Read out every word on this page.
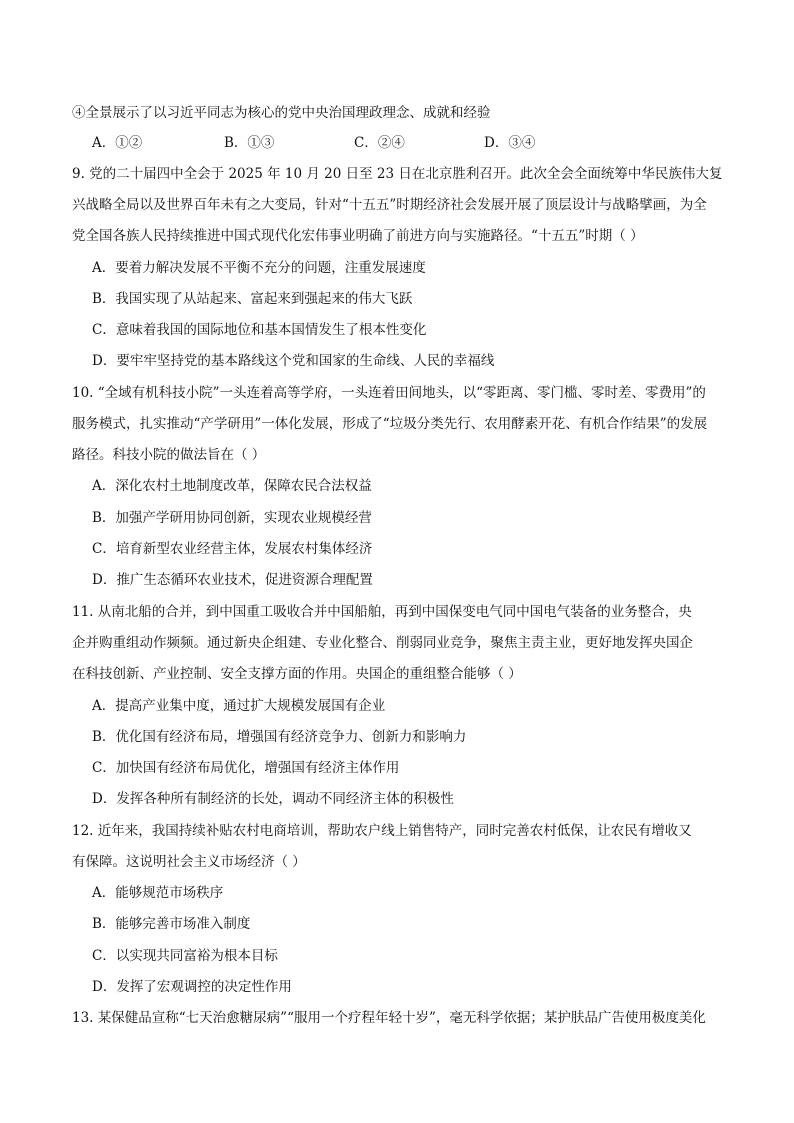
④全景展示了以习近平同志为核心的党中央治国理政理念、成就和经验
A．①②	B．①③	C．②④	D．③④
9. 党的二十届四中全会于 2025 年 10 月 20 日至 23 日在北京胜利召开。此次全会全面统筹中华民族伟大复
兴战略全局以及世界百年未有之大变局，针对“十五五”时期经济社会发展开展了顶层设计与战略擘画，为全
党全国各族人民持续推进中国式现代化宏伟事业明确了前进方向与实施路径。“十五五”时期（ ）
A．要着力解决发展不平衡不充分的问题，注重发展速度
B．我国实现了从站起来、富起来到强起来的伟大飞跃
C．意味着我国的国际地位和基本国情发生了根本性变化
D．要牢牢坚持党的基本路线这个党和国家的生命线、人民的幸福线
10. “全域有机科技小院”一头连着高等学府，一头连着田间地头，以“零距离、零门槛、零时差、零费用”的
服务模式，扎实推动“产学研用”一体化发展，形成了“垃圾分类先行、农用酵素开花、有机合作结果”的发展
路径。科技小院的做法旨在（ ）
A．深化农村土地制度改革，保障农民合法权益
B．加强产学研用协同创新，实现农业规模经营
C．培育新型农业经营主体，发展农村集体经济
D．推广生态循环农业技术，促进资源合理配置
11. 从南北船的合并，到中国重工吸收合并中国船舶，再到中国保变电气同中国电气装备的业务整合，央
企并购重组动作频频。通过新央企组建、专业化整合、削弱同业竞争，聚焦主责主业，更好地发挥央国企
在科技创新、产业控制、安全支撑方面的作用。央国企的重组整合能够（ ）
A．提高产业集中度，通过扩大规模发展国有企业
B．优化国有经济布局，增强国有经济竞争力、创新力和影响力
C．加快国有经济布局优化，增强国有经济主体作用
D．发挥各种所有制经济的长处，调动不同经济主体的积极性
12. 近年来，我国持续补贴农村电商培训，帮助农户线上销售特产，同时完善农村低保，让农民有增收又
有保障。这说明社会主义市场经济（ ）
A．能够规范市场秩序
B．能够完善市场准入制度
C．以实现共同富裕为根本目标
D．发挥了宏观调控的决定性作用
13. 某保健品宣称“七天治愈糖尿病”“服用一个疗程年轻十岁”，毫无科学依据；某护肤品广告使用极度美化
